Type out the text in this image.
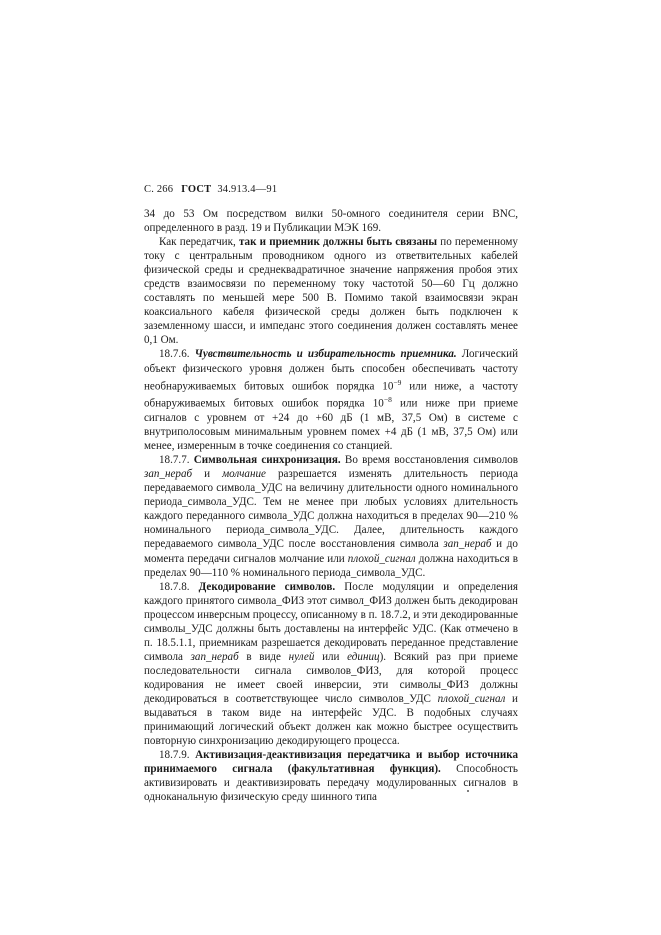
С. 266 ГОСТ 34.913.4—91

34 до 53 Ом посредством вилки 50-омного соединителя серии BNC, определенного в разд. 19 и Публикации МЭК 169.

Как передатчик, так и приемник должны быть связаны по переменному току с центральным проводником одного из ответвительных кабелей физической среды и среднеквадратичное значение напряжения пробоя этих средств взаимосвязи по переменному току частотой 50—60 Гц должно составлять по меньшей мере 500 В. Помимо такой взаимосвязи экран коаксиального кабеля физической среды должен быть подключен к заземленному шасси, и импеданс этого соединения должен составлять менее 0,1 Ом.

18.7.6. Чувствительность и избирательность приемника. Логический объект физического уровня должен быть способен обеспечивать частоту необнаруживаемых битовых ошибок порядка $10^{-9}$ или ниже, а частоту обнаруживаемых битовых ошибок порядка $10^{-8}$ или ниже при приеме сигналов с уровнем от +24 до +60 дБ (1 мВ, 37,5 Ом) в системе с внутриполосовым минимальным уровнем помех +4 дБ (1 мВ, 37,5 Ом) или менее, измеренным в точке соединения со станцией.

18.7.7. Символьная синхронизация. Во время восстановления символов зап_нераб и молчание разрешается изменять длительность периода передаваемого символа_УДС на величину длительности одного номинального периода_символа_УДС. Тем не менее при любых условиях длительность каждого переданного символа_УДС должна находиться в пределах 90—210 % номинального периода_символа_УДС. Далее, длительность каждого передаваемого символа_УДС после восстановления символа зап_нераб и до момента передачи сигналов молчание или плохой_сигнал должна находиться в пределах 90—110 % номинального периода_символа_УДС.

18.7.8. Декодирование символов. После модуляции и определения каждого принятого символа_ФИЗ этот символ_ФИЗ должен быть декодирован процессом инверсным процессу, описанному в п. 18.7.2, и эти декодированные символы_УДС должны быть доставлены на интерфейс УДС. (Как отмечено в п. 18.5.1.1, приемникам разрешается декодировать переданное представление символа зап_нераб в виде нулей или единиц). Всякий раз при приеме последовательности сигнала символов_ФИЗ, для которой процесс кодирования не имеет своей инверсии, эти символы_ФИЗ должны декодироваться в соответствующее число символов_УДС плохой_сигнал и выдаваться в таком виде на интерфейс УДС. В подобных случаях принимающий логический объект должен как можно быстрее осуществить повторную синхронизацию декодирующего процесса.

18.7.9. Активизация-деактивизация передатчика и выбор источника принимаемого сигнала (факультативная функция). Способность активизировать и деактивизировать передачу модулированных сигналов в одноканальную физическую среду шинного типа
